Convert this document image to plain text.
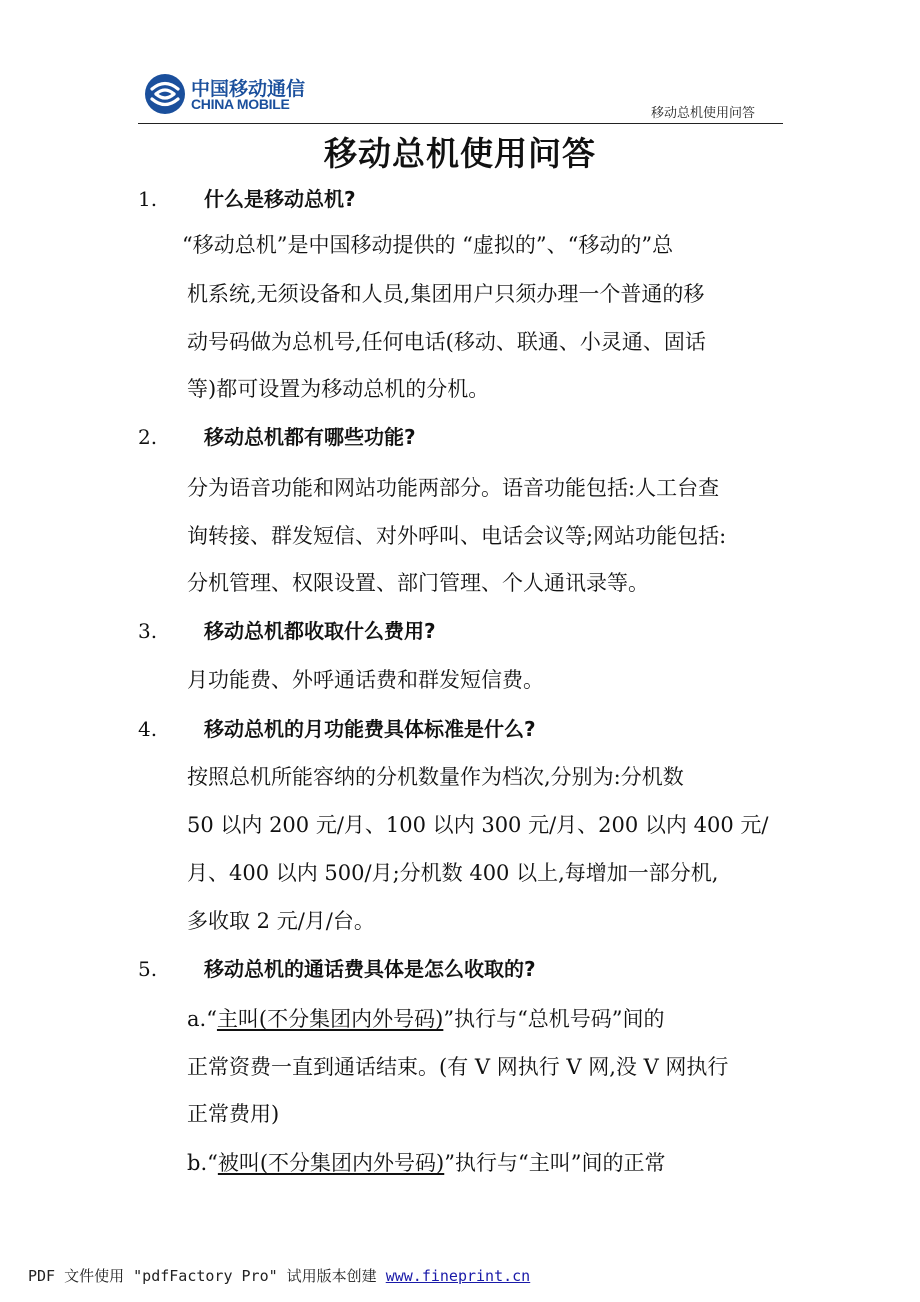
中国移动通信
CHINA MOBILE
移动总机使用问答
移动总机使用问答
1. 什么是移动总机?
“移动总机”是中国移动提供的 “虚拟的”、“移动的”总
机系统,无须设备和人员,集团用户只须办理一个普通的移
动号码做为总机号,任何电话(移动、联通、小灵通、固话
等)都可设置为移动总机的分机。
2. 移动总机都有哪些功能?
分为语音功能和网站功能两部分。语音功能包括:人工台查
询转接、群发短信、对外呼叫、电话会议等;网站功能包括:
分机管理、权限设置、部门管理、个人通讯录等。
3. 移动总机都收取什么费用?
月功能费、外呼通话费和群发短信费。
4. 移动总机的月功能费具体标准是什么?
按照总机所能容纳的分机数量作为档次,分别为:分机数
50 以内 200 元/月、100 以内 300 元/月、200 以内 400 元/
月、400 以内 500/月;分机数 400 以上,每增加一部分机,
多收取 2 元/月/台。
5. 移动总机的通话费具体是怎么收取的?
a.“主叫(不分集团内外号码)”执行与“总机号码”间的
正常资费一直到通话结束。(有 V 网执行 V 网,没 V 网执行
正常费用)
b.“被叫(不分集团内外号码)”执行与“主叫”间的正常
PDF 文件使用 "pdfFactory Pro" 试用版本创建 www.fineprint.cn
